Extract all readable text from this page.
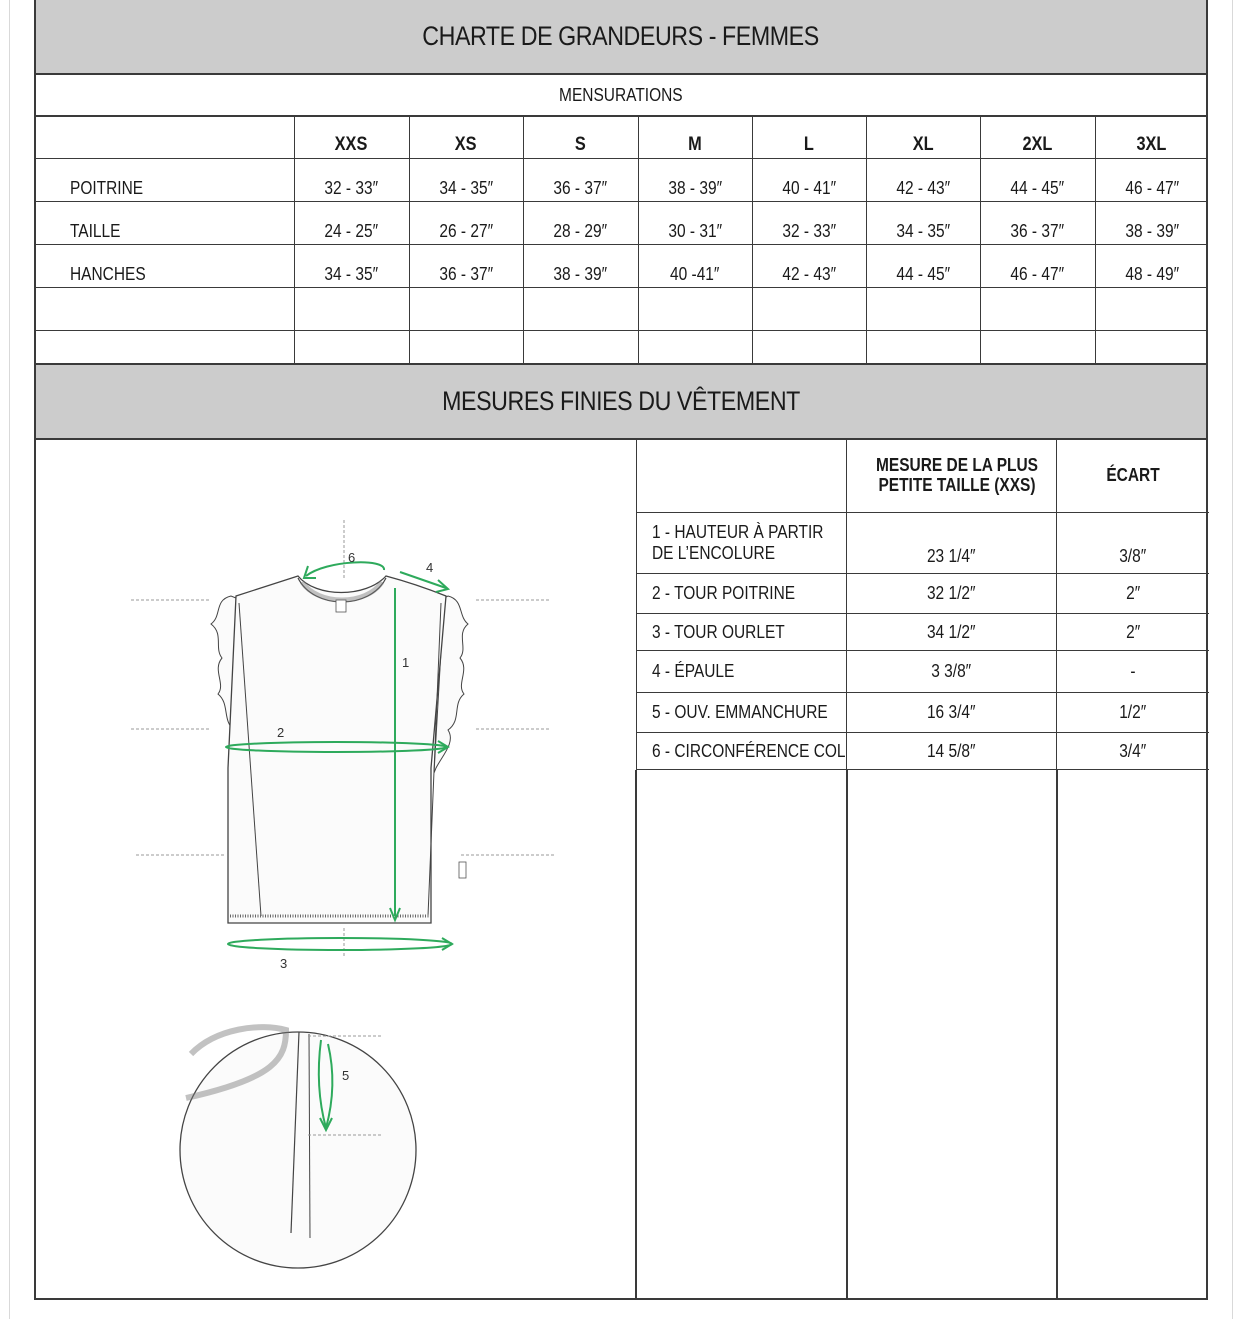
CHARTE DE GRANDEURS - FEMMES
MENSURATIONS
	XXS	XS	S	M	L	XL	2XL	3XL
POITRINE	32 - 33″	34 - 35″	36 - 37″	38 - 39″	40 - 41″	42 - 43″	44 - 45″	46 - 47″
TAILLE	24 - 25″	26 - 27″	28 - 29″	30 - 31″	32 - 33″	34 - 35″	36 - 37″	38 - 39″
HANCHES	34 - 35″	36 - 37″	38 - 39″	40 -41″	42 - 43″	44 - 45″	46 - 47″	48 - 49″

MESURES FINIES DU VÊTEMENT
1
2
3
4
5
6
	MESURE DE LA PLUS PETITE TAILLE (XXS)	ÉCART
1 - HAUTEUR À PARTIR DE L’ENCOLURE	23 1/4″	3/8″
2 - TOUR POITRINE	32 1/2″	2″
3 - TOUR OURLET	34 1/2″	2″
4 - ÉPAULE	3 3/8″	-
5 - OUV. EMMANCHURE	16 3/4″	1/2″
6 - CIRCONFÉRENCE COL	14 5/8″	3/4″
